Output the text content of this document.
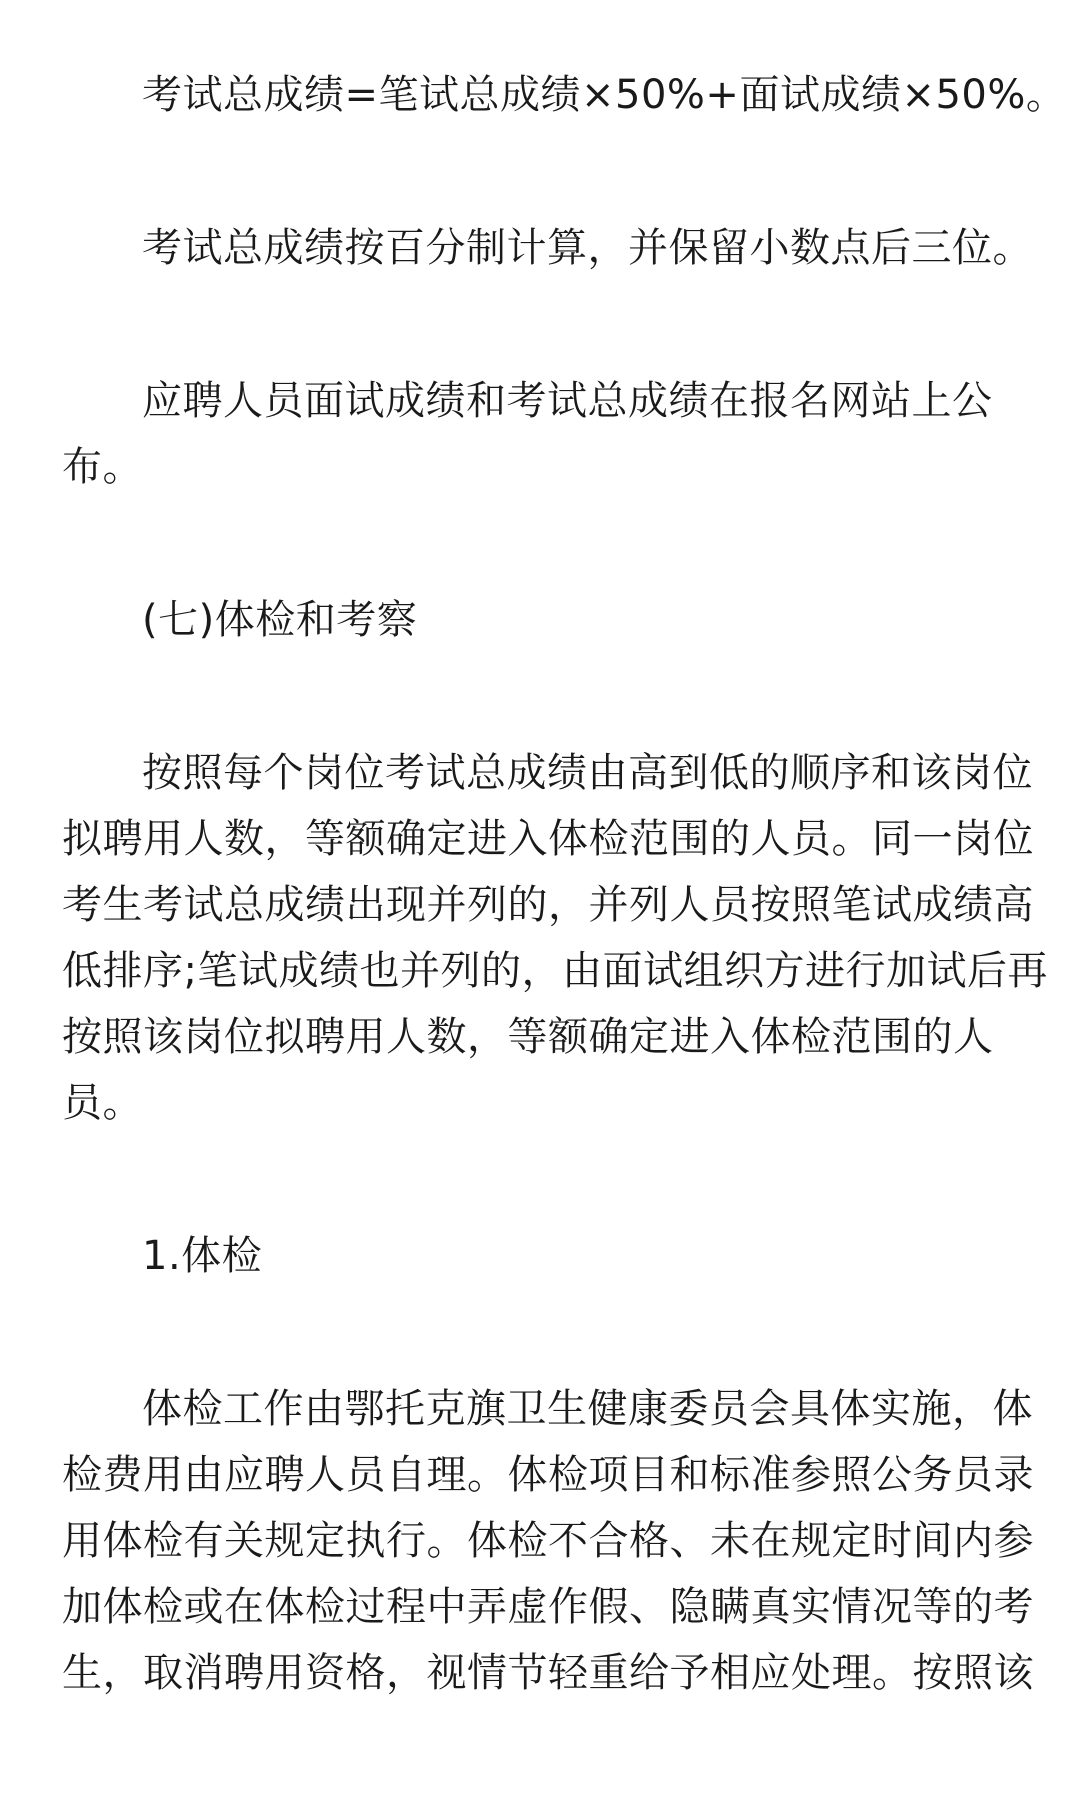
考试总成绩=笔试总成绩×50%+面试成绩×50%。
考试总成绩按百分制计算，并保留小数点后三位。
应聘人员面试成绩和考试总成绩在报名网站上公
布。
(七)体检和考察
按照每个岗位考试总成绩由高到低的顺序和该岗位
拟聘用人数，等额确定进入体检范围的人员。同一岗位
考生考试总成绩出现并列的，并列人员按照笔试成绩高
低排序;笔试成绩也并列的，由面试组织方进行加试后再
按照该岗位拟聘用人数，等额确定进入体检范围的人
员。
1.体检
体检工作由鄂托克旗卫生健康委员会具体实施，体
检费用由应聘人员自理。体检项目和标准参照公务员录
用体检有关规定执行。体检不合格、未在规定时间内参
加体检或在体检过程中弄虚作假、隐瞒真实情况等的考
生，取消聘用资格，视情节轻重给予相应处理。按照该
